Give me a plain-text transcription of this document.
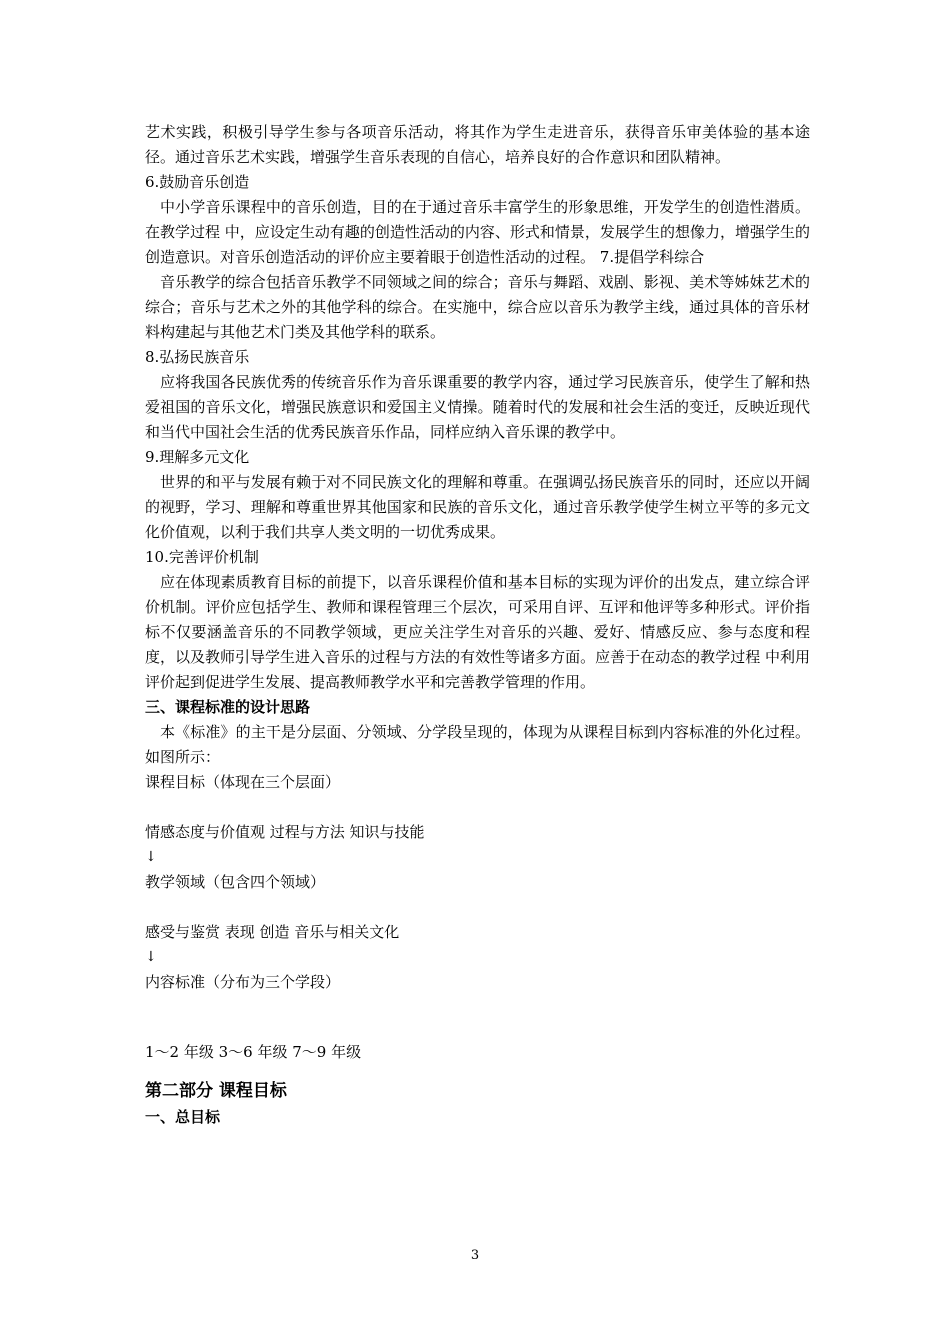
艺术实践，积极引导学生参与各项音乐活动，将其作为学生走进音乐，获得音乐审美体验的基本途径。通过音乐艺术实践，增强学生音乐表现的自信心，培养良好的合作意识和团队精神。

6.鼓励音乐创造

中小学音乐课程中的音乐创造，目的在于通过音乐丰富学生的形象思维，开发学生的创造性潜质。在教学过程 中，应设定生动有趣的创造性活动的内容、形式和情景，发展学生的想像力，增强学生的创造意识。对音乐创造活动的评价应主要着眼于创造性活动的过程。 7.提倡学科综合

音乐教学的综合包括音乐教学不同领域之间的综合；音乐与舞蹈、戏剧、影视、美术等姊妹艺术的综合；音乐与艺术之外的其他学科的综合。在实施中，综合应以音乐为教学主线，通过具体的音乐材料构建起与其他艺术门类及其他学科的联系。

8.弘扬民族音乐

应将我国各民族优秀的传统音乐作为音乐课重要的教学内容，通过学习民族音乐，使学生了解和热爱祖国的音乐文化，增强民族意识和爱国主义情操。随着时代的发展和社会生活的变迁，反映近现代和当代中国社会生活的优秀民族音乐作品，同样应纳入音乐课的教学中。

9.理解多元文化

世界的和平与发展有赖于对不同民族文化的理解和尊重。在强调弘扬民族音乐的同时，还应以开阔的视野，学习、理解和尊重世界其他国家和民族的音乐文化，通过音乐教学使学生树立平等的多元文化价值观，以利于我们共享人类文明的一切优秀成果。

10.完善评价机制

应在体现素质教育目标的前提下，以音乐课程价值和基本目标的实现为评价的出发点，建立综合评价机制。评价应包括学生、教师和课程管理三个层次，可采用自评、互评和他评等多种形式。评价指标不仅要涵盖音乐的不同教学领域，更应关注学生对音乐的兴趣、爱好、情感反应、参与态度和程度，以及教师引导学生进入音乐的过程与方法的有效性等诸多方面。应善于在动态的教学过程 中利用评价起到促进学生发展、提高教师教学水平和完善教学管理的作用。

三、课程标准的设计思路

本《标准》的主干是分层面、分领域、分学段呈现的，体现为从课程目标到内容标准的外化过程。如图所示：

课程目标（体现在三个层面）

情感态度与价值观 过程与方法 知识与技能

↓

教学领域（包含四个领域）

感受与鉴赏 表现 创造 音乐与相关文化

↓

内容标准（分布为三个学段）

1～2 年级 3～6 年级 7～9 年级

第二部分 课程目标

一、总目标

3
